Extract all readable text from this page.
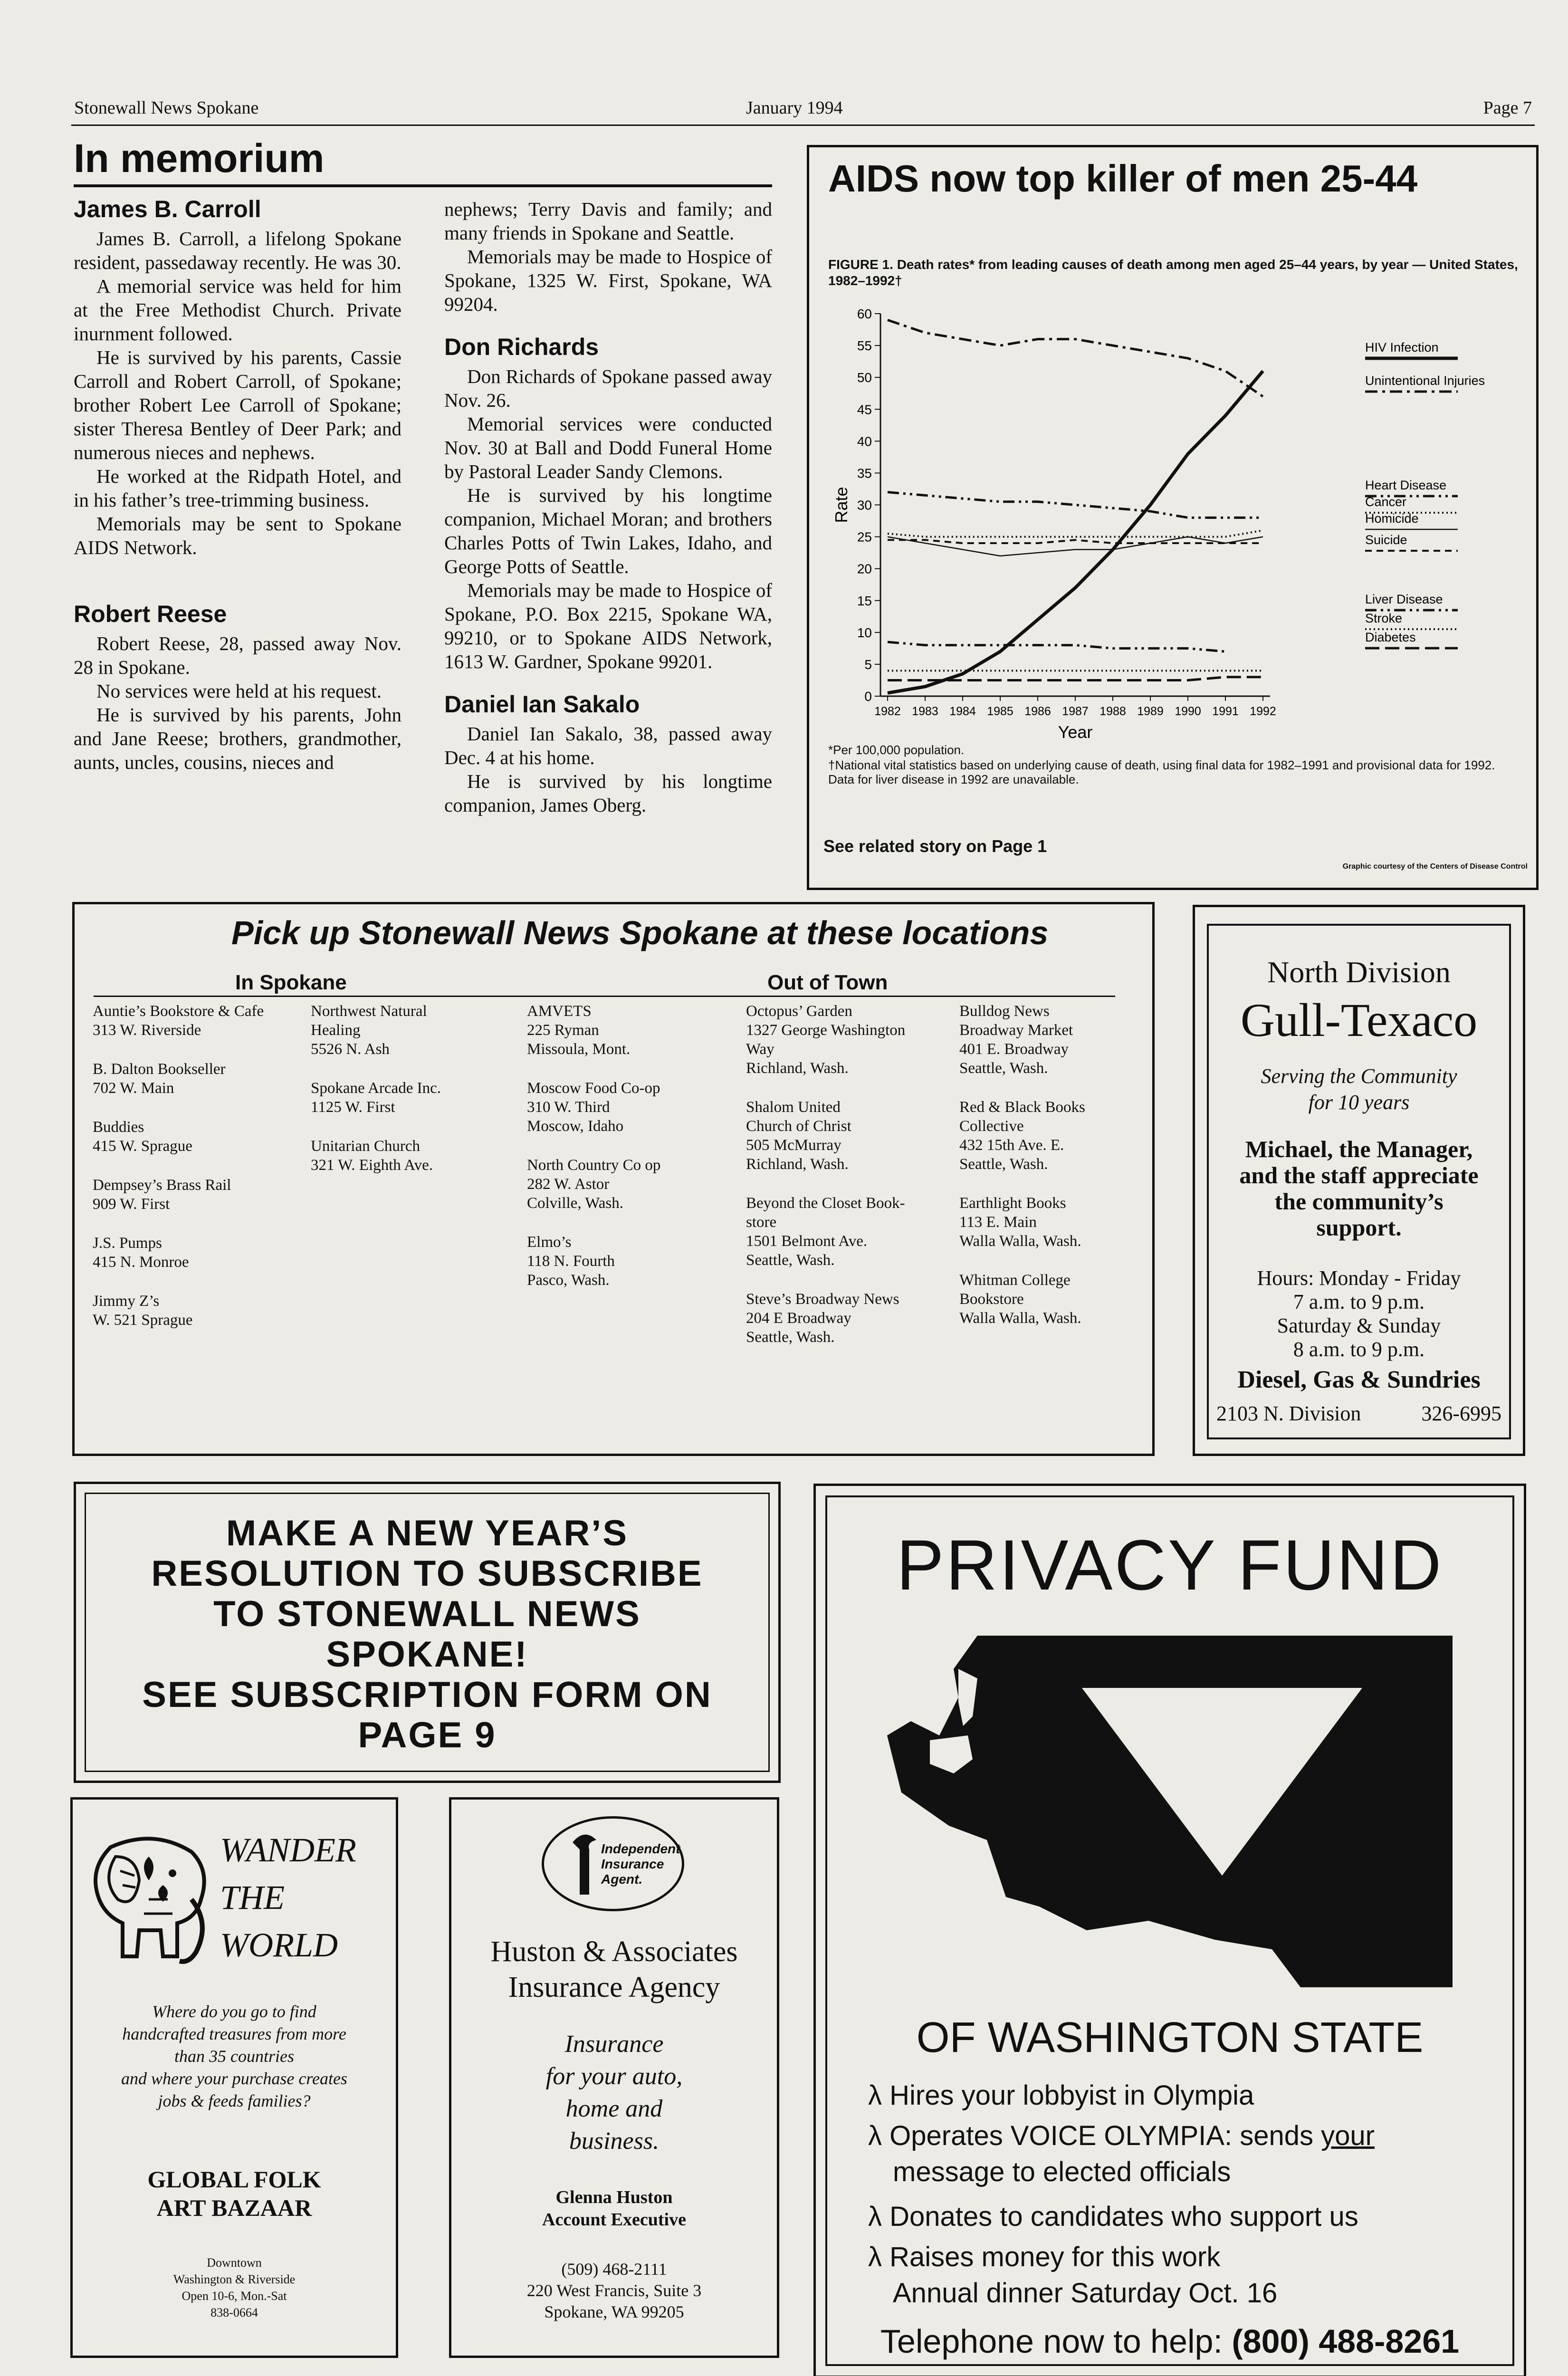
Stonewall News Spokane	January 1994	Page 7
In memorium
James B. Carroll

James B. Carroll, a lifelong Spokane resident, passedaway recently. He was 30.

A memorial service was held for him at the Free Methodist Church. Private inurnment followed.

He is survived by his parents, Cassie Carroll and Robert Carroll, of Spokane; brother Robert Lee Carroll of Spokane; sister Theresa Bentley of Deer Park; and numerous nieces and nephews.

He worked at the Ridpath Hotel, and in his father’s tree-trimming business.

Memorials may be sent to Spokane AIDS Network.

Robert Reese

Robert Reese, 28, passed away Nov. 28 in Spokane.

No services were held at his request.

He is survived by his parents, John and Jane Reese; brothers, grandmother, aunts, uncles, cousins, nieces and

nephews; Terry Davis and family; and many friends in Spokane and Seattle.

Memorials may be made to Hospice of Spokane, 1325 W. First, Spokane, WA 99204.

Don Richards

Don Richards of Spokane passed away Nov. 26.

Memorial services were conducted Nov. 30 at Ball and Dodd Funeral Home by Pastoral Leader Sandy Clemons.

He is survived by his longtime companion, Michael Moran; and brothers Charles Potts of Twin Lakes, Idaho, and George Potts of Seattle.

Memorials may be made to Hospice of Spokane, P.O. Box 2215, Spokane WA, 99210, or to Spokane AIDS Network, 1613 W. Gardner, Spokane 99201.

Daniel Ian Sakalo

Daniel Ian Sakalo, 38, passed away Dec. 4 at his home.

He is survived by his longtime companion, James Oberg.

AIDS now top killer of men 25-44
FIGURE 1. Death rates* from leading causes of death among men aged 25–44 years, by year — United States, 1982–1992†
0
5
10
15
20
25
30
35
40
45
50
55
60
1982 1983 1984 1985 1986 1987 1988 1989 1990 1991 1992
Year
Rate
HIV Infection
Unintentional Injuries
Heart Disease
Cancer
Homicide
Suicide
Liver Disease
Stroke
Diabetes
*Per 100,000 population.
†National vital statistics based on underlying cause of death, using final data for 1982–1991 and provisional data for 1992. Data for liver disease in 1992 are unavailable.
See related story on Page 1
Graphic courtesy of the Centers of Disease Control
Pick up Stonewall News Spokane at these locations
In Spokane	Out of Town
Auntie’s Bookstore & Cafe
313 W. Riverside
B. Dalton Bookseller
702 W. Main
Buddies
415 W. Sprague
Dempsey’s Brass Rail
909 W. First
J.S. Pumps
415 N. Monroe
Jimmy Z’s
W. 521 Sprague
Northwest Natural
Healing
5526 N. Ash
Spokane Arcade Inc.
1125 W. First
Unitarian Church
321 W. Eighth Ave.
AMVETS
225 Ryman
Missoula, Mont.
Moscow Food Co-op
310 W. Third
Moscow, Idaho
North Country Co op
282 W. Astor
Colville, Wash.
Elmo’s
118 N. Fourth
Pasco, Wash.
Octopus’ Garden
1327 George Washington
Way
Richland, Wash.
Shalom United
Church of Christ
505 McMurray
Richland, Wash.
Beyond the Closet Book-
store
1501 Belmont Ave.
Seattle, Wash.
Steve’s Broadway News
204 E Broadway
Seattle, Wash.
Bulldog News
Broadway Market
401 E. Broadway
Seattle, Wash.
Red & Black Books
Collective
432 15th Ave. E.
Seattle, Wash.
Earthlight Books
113 E. Main
Walla Walla, Wash.
Whitman College
Bookstore
Walla Walla, Wash.
North Division
Gull-Texaco
Serving the Community
for 10 years
Michael, the Manager,
and the staff appreciate
the community’s
support.
Hours: Monday - Friday
7 a.m. to 9 p.m.
Saturday & Sunday
8 a.m. to 9 p.m.
Diesel, Gas & Sundries
2103 N. Division	326-6995
MAKE A NEW YEAR’S
RESOLUTION TO SUBSCRIBE
TO STONEWALL NEWS
SPOKANE!
SEE SUBSCRIPTION FORM ON
PAGE 9
WANDER
THE
WORLD
Where do you go to find
handcrafted treasures from more
than 35 countries
and where your purchase creates
jobs & feeds families?
GLOBAL FOLK
ART BAZAAR
Downtown
Washington & Riverside
Open 10-6, Mon.-Sat
838-0664
Independent
Insurance
Agent.
Huston & Associates
Insurance Agency
Insurance
for your auto,
home and
business.
Glenna Huston
Account Executive
(509) 468-2111
220 West Francis, Suite 3
Spokane, WA 99205
PRIVACY FUND
OF WASHINGTON STATE
λ Hires your lobbyist in Olympia
λ Operates VOICE OLYMPIA: sends your
message to elected officials
λ Donates to candidates who support us
λ Raises money for this work
Annual dinner Saturday Oct. 16
Telephone now to help: (800) 488-8261
